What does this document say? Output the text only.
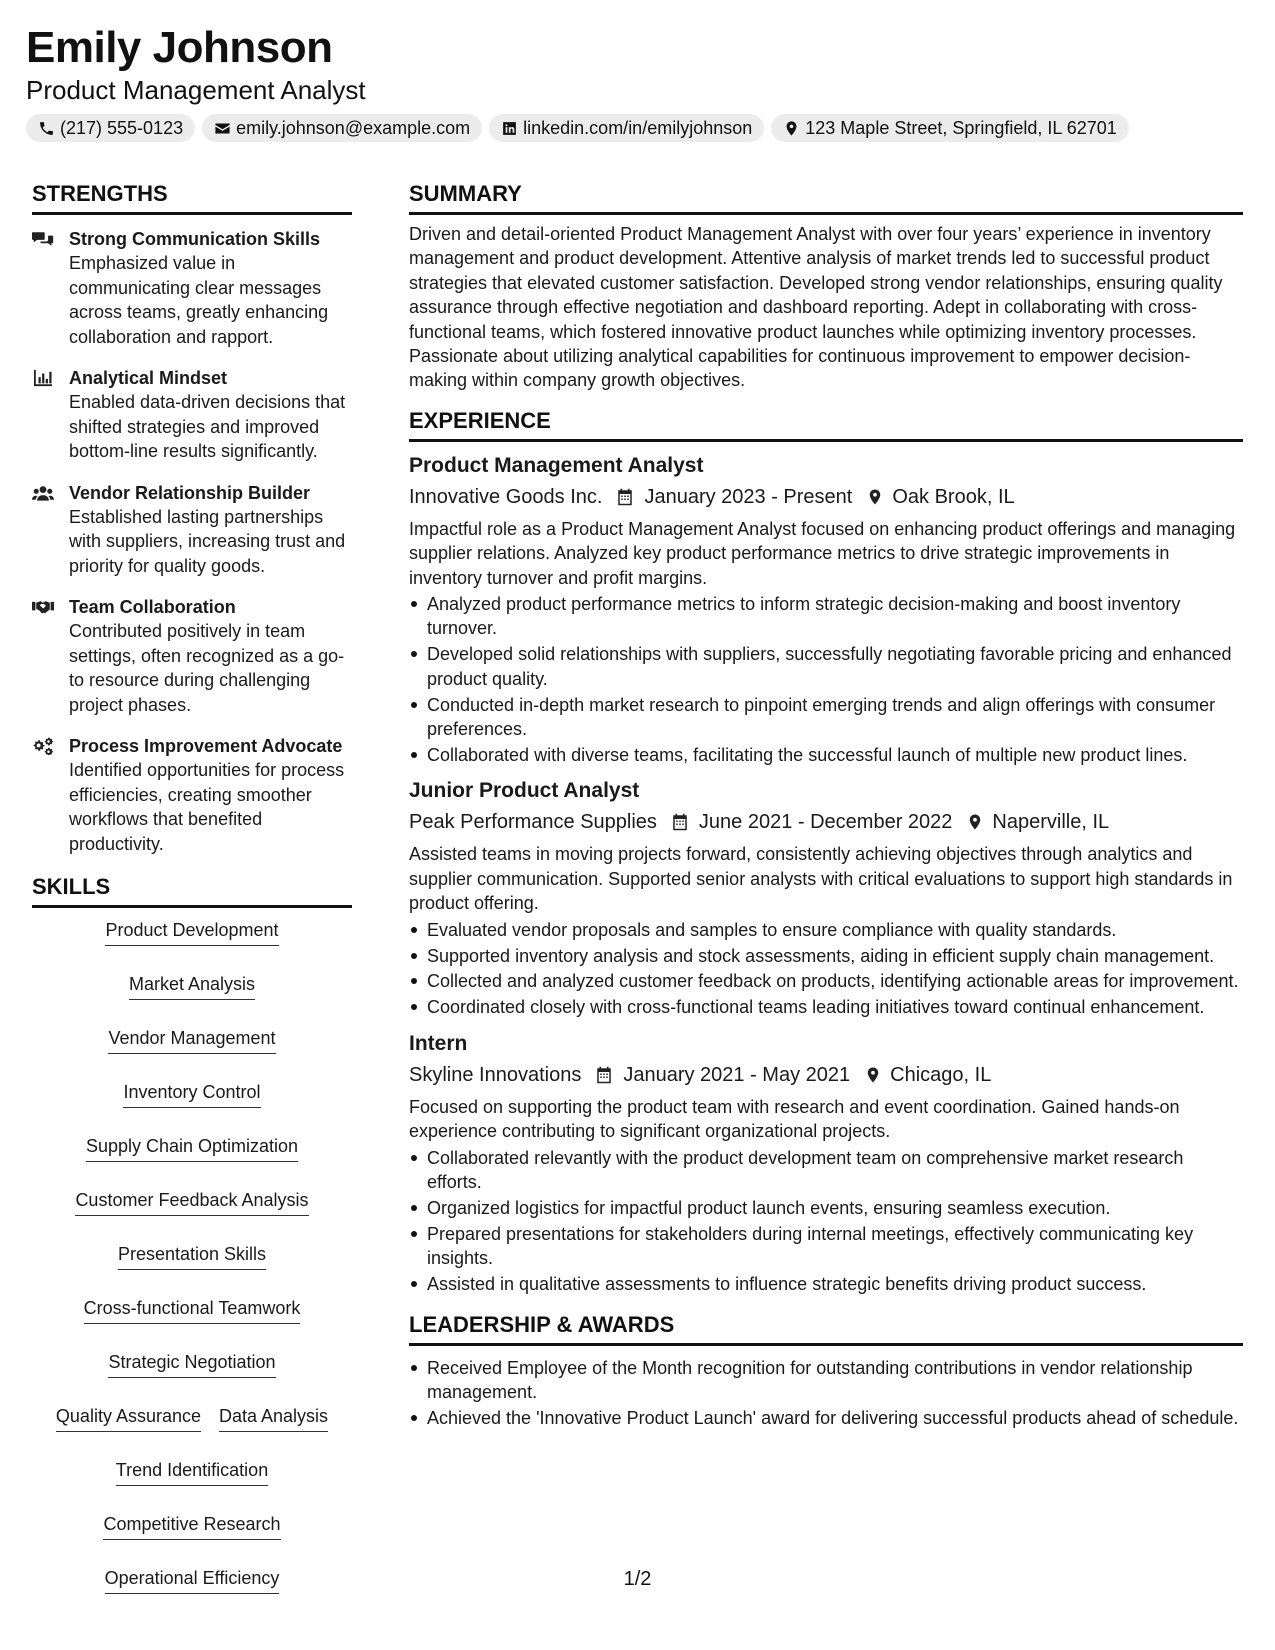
Emily Johnson
Product Management Analyst
(217) 555-0123	emily.johnson@example.com	linkedin.com/in/emilyjohnson	123 Maple Street, Springfield, IL 62701
STRENGTHS
Strong Communication Skills
Emphasized value in communicating clear messages across teams, greatly enhancing collaboration and rapport.
Analytical Mindset
Enabled data-driven decisions that shifted strategies and improved bottom-line results significantly.
Vendor Relationship Builder
Established lasting partnerships with suppliers, increasing trust and priority for quality goods.
Team Collaboration
Contributed positively in team settings, often recognized as a go-to resource during challenging project phases.
Process Improvement Advocate
Identified opportunities for process efficiencies, creating smoother workflows that benefited productivity.
SKILLS
Product Development
Market Analysis
Vendor Management
Inventory Control
Supply Chain Optimization
Customer Feedback Analysis
Presentation Skills
Cross-functional Teamwork
Strategic Negotiation
Quality Assurance Data Analysis
Trend Identification
Competitive Research
Operational Efficiency
SUMMARY
Driven and detail-oriented Product Management Analyst with over four years’ experience in inventory management and product development. Attentive analysis of market trends led to successful product strategies that elevated customer satisfaction. Developed strong vendor relationships, ensuring quality assurance through effective negotiation and dashboard reporting. Adept in collaborating with cross-functional teams, which fostered innovative product launches while optimizing inventory processes. Passionate about utilizing analytical capabilities for continuous improvement to empower decision-making within company growth objectives.
EXPERIENCE
Product Management Analyst
Innovative Goods Inc. January 2023 - Present Oak Brook, IL
Impactful role as a Product Management Analyst focused on enhancing product offerings and managing supplier relations. Analyzed key product performance metrics to drive strategic improvements in inventory turnover and profit margins.
Analyzed product performance metrics to inform strategic decision-making and boost inventory turnover.
Developed solid relationships with suppliers, successfully negotiating favorable pricing and enhanced product quality.
Conducted in-depth market research to pinpoint emerging trends and align offerings with consumer preferences.
Collaborated with diverse teams, facilitating the successful launch of multiple new product lines.
Junior Product Analyst
Peak Performance Supplies June 2021 - December 2022 Naperville, IL
Assisted teams in moving projects forward, consistently achieving objectives through analytics and supplier communication. Supported senior analysts with critical evaluations to support high standards in product offering.
Evaluated vendor proposals and samples to ensure compliance with quality standards.
Supported inventory analysis and stock assessments, aiding in efficient supply chain management.
Collected and analyzed customer feedback on products, identifying actionable areas for improvement.
Coordinated closely with cross-functional teams leading initiatives toward continual enhancement.
Intern
Skyline Innovations January 2021 - May 2021 Chicago, IL
Focused on supporting the product team with research and event coordination. Gained hands-on experience contributing to significant organizational projects.
Collaborated relevantly with the product development team on comprehensive market research efforts.
Organized logistics for impactful product launch events, ensuring seamless execution.
Prepared presentations for stakeholders during internal meetings, effectively communicating key insights.
Assisted in qualitative assessments to influence strategic benefits driving product success.
LEADERSHIP & AWARDS
Received Employee of the Month recognition for outstanding contributions in vendor relationship management.
Achieved the 'Innovative Product Launch' award for delivering successful products ahead of schedule.
1/2
